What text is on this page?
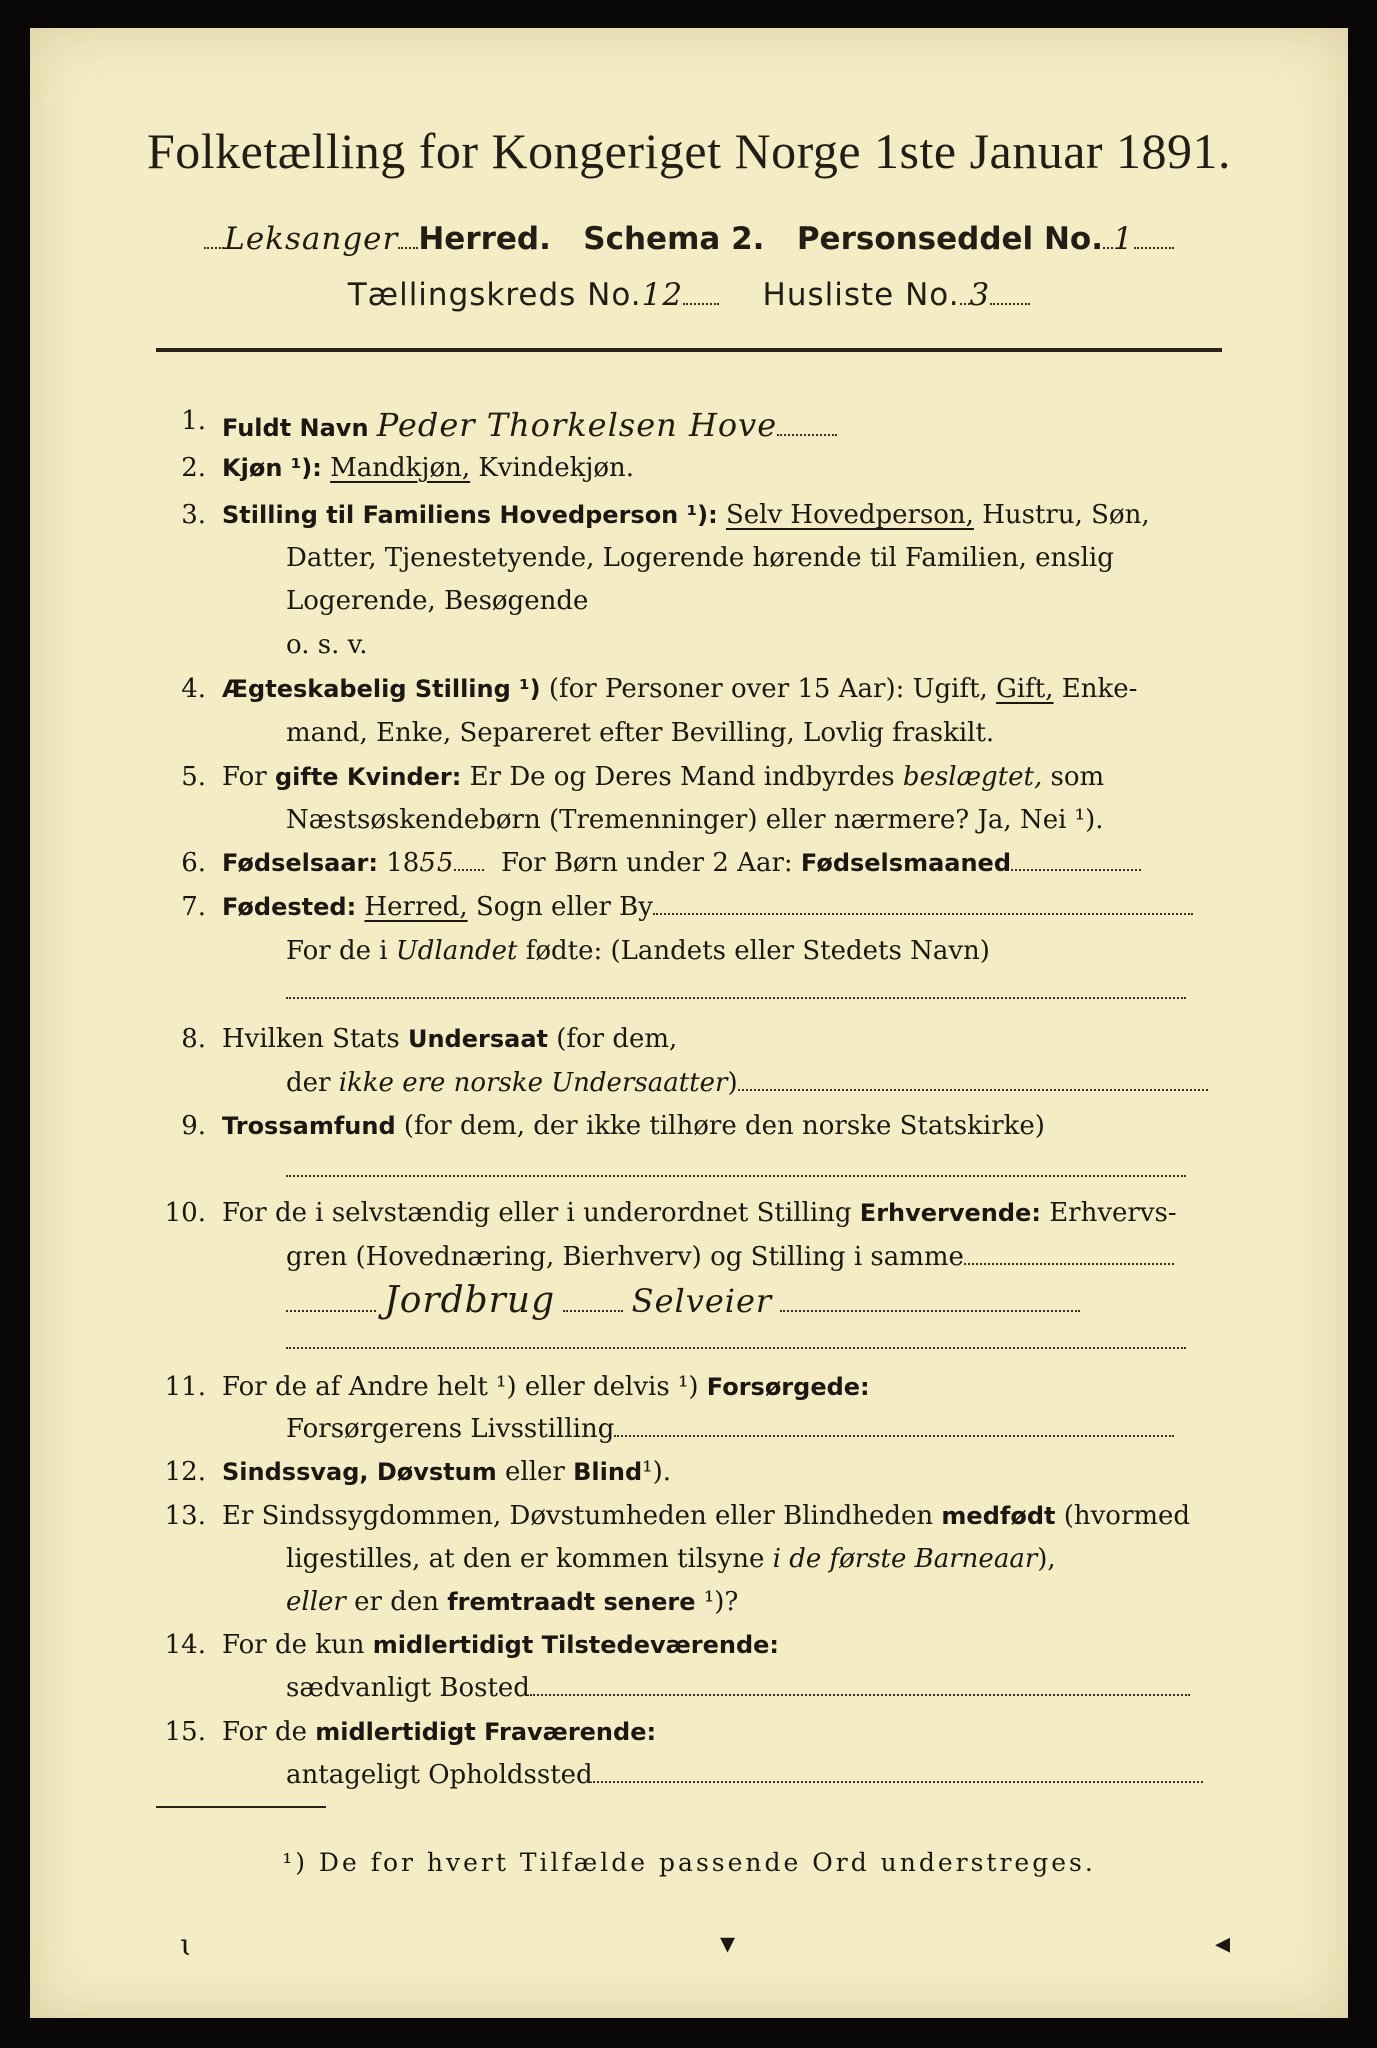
Folketælling for Kongeriget Norge 1ste Januar 1891.
Leksanger Herred. Schema 2. Personseddel No. 1
Tællingskreds No.12	Husliste No. 3
1. Fuldt Navn Peder Thorkelsen Hove
2. Kjøn ¹): Mandkjøn, Kvindekjøn.
3. Stilling til Familiens Hovedperson ¹): Selv Hovedperson, Hustru, Søn,
Datter, Tjenestetyende, Logerende hørende til Familien, enslig
Logerende, Besøgende
o. s. v.
4. Ægteskabelig Stilling ¹) (for Personer over 15 Aar): Ugift, Gift, Enke-
mand, Enke, Separeret efter Bevilling, Lovlig fraskilt.
5. For gifte Kvinder: Er De og Deres Mand indbyrdes beslægtet, som
Næstsøskendebørn (Tremenninger) eller nærmere? Ja, Nei ¹).
6. Fødselsaar: 1855 For Børn under 2 Aar: Fødselsmaaned
7. Fødested: Herred, Sogn eller By
For de i Udlandet fødte: (Landets eller Stedets Navn)
8. Hvilken Stats Undersaat (for dem,
der ikke ere norske Undersaatter)
9. Trossamfund (for dem, der ikke tilhøre den norske Statskirke)
10. For de i selvstændig eller i underordnet Stilling Erhvervende: Erhvervs-
gren (Hovednæring, Bierhverv) og Stilling i samme
Jordbrug Selveier
11. For de af Andre helt ¹) eller delvis ¹) Forsørgede:
Forsørgerens Livsstilling
12. Sindssvag, Døvstum eller Blind¹).
13. Er Sindssygdommen, Døvstumheden eller Blindheden medfødt (hvormed
ligestilles, at den er kommen tilsyne i de første Barneaar),
eller er den fremtraadt senere ¹)?
14. For de kun midlertidigt Tilstedeværende:
sædvanligt Bosted
15. For de midlertidigt Fraværende:
antageligt Opholdssted
¹) De for hvert Tilfælde passende Ord understreges.
ɩ	▾	◂
